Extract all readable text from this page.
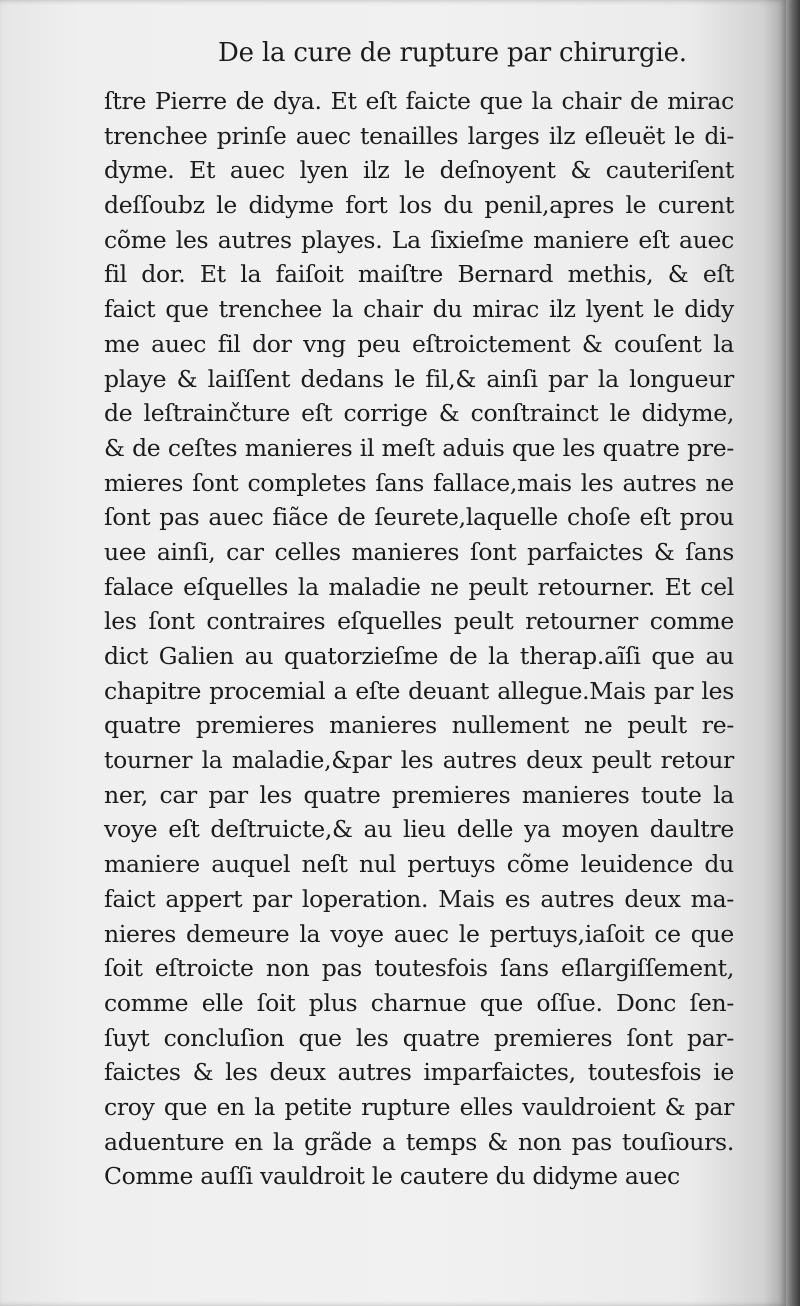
De la cure de rupture par chirurgie.
ſtre Pierre de dya. Et eſt faicte que la chair de mirac
trenchee prinſe auec tenailles larges ilz eſleuët le di-
dyme. Et auec lyen ilz le deſnoyent & cauteriſent
deſſoubz le didyme fort los du penil,apres le curent
cõme les autres playes. La ſixieſme maniere eſt auec
fil dor. Et la faiſoit maiſtre Bernard methis, & eſt
faict que trenchee la chair du mirac ilz lyent le didy
me auec fil dor vng peu eſtroictement & couſent la
playe & laiſſent dedans le fil,& ainſi par la longueur
de leſtrainčture eſt corrige & conſtrainct le didyme,
& de ceſtes manieres il meſt aduis que les quatre pre-
mieres ſont completes ſans fallace,mais les autres ne
ſont pas auec fiãce de ſeurete,laquelle choſe eſt prou
uee ainſi, car celles manieres ſont parfaictes & ſans
falace eſquelles la maladie ne peult retourner. Et cel
les ſont contraires eſquelles peult retourner comme
dict Galien au quatorzieſme de la therap.aĩſi que au
chapitre procemial a eſte deuant allegue.Mais par les
quatre premieres manieres nullement ne peult re-
tourner la maladie,&par les autres deux peult retour
ner, car par les quatre premieres manieres toute la
voye eſt deſtruicte,& au lieu delle ya moyen daultre
maniere auquel neſt nul pertuys cõme leuidence du
faict appert par loperation. Mais es autres deux ma-
nieres demeure la voye auec le pertuys,iaſoit ce que
ſoit eſtroicte non pas toutesfois ſans eſlargiſſement,
comme elle ſoit plus charnue que oſſue. Donc ſen-
ſuyt concluſion que les quatre premieres ſont par-
faictes & les deux autres imparfaictes, toutesfois ie
croy que en la petite rupture elles vauldroient & par
aduenture en la grãde a temps & non pas touſiours.
Comme auſſi vauldroit le cautere du didyme auec
